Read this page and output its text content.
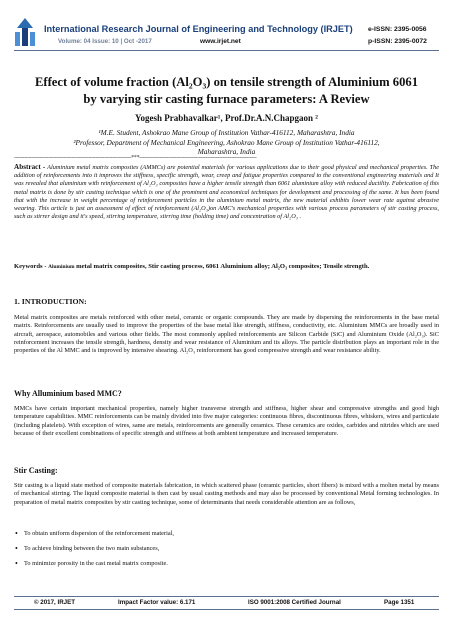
International Research Journal of Engineering and Technology (IRJET)
Volume: 04 Issue: 10 | Oct -2017	www.irjet.net
e-ISSN: 2395-0056
p-ISSN: 2395-0072
Effect of volume fraction (Al₂O₃) on tensile strength of Aluminium 6061
by varying stir casting furnace parameters: A Review
Yogesh Prabhavalkar¹, Prof.Dr.A.N.Chapgaon ²
¹M.E. Student, Ashokrao Mane Group of Institution Vathar-416112, Maharashtra, India
²Professor, Department of Mechanical Engineering, Ashokrao Mane Group of Institution Vathar-416112,
Maharashtra, India
---------------------------------------------------------------------***---------------------------------------------------------------------
Abstract - Aluminium metal matrix composites (AMMCs) are potential materials for various applications due to their good physical and mechanical properties. The addition of reinforcements into it improves the stiffness, specific strength, wear, creep and fatigue properties compared to the conventional engineering materials and It was revealed that aluminium with reinforcement of Al₂O₃ composites have a higher tensile strength than 6061 aluminium alloy with reduced ductility. Fabrication of this metal matrix is done by stir casting technique which is one of the prominent and economical techniques for development and processing of the same. It has been found that with the increase in weight percentage of reinforcement particles in the aluminium metal matrix, the new material exhibits lower wear rate against abrasive wearing. This article is just an assessment of effect of reinforcement (Al₂O₃)on AMC's mechanical properties with various process parameters of stir casting process, such as stirrer design and it's speed, stirring temperature, stirring time (holding time) and concentration of Al₂O₃ .
Keywords - Aluminium metal matrix composites, Stir casting process, 6061 Aluminium alloy; Al₂O₃ composites; Tensile strength.
1. INTRODUCTION:
Metal matrix composites are metals reinforced with other metal, ceramic or organic compounds. They are made by dispersing the reinforcements in the base metal matrix. Reinforcements are usually used to improve the properties of the base metal like strength, stiffness, conductivity, etc. Aluminium MMCs are broadly used in aircraft, aerospace, automobiles and various other fields. The most commonly applied reinforcements are Silicon Carbide (SiC) and Aluminium Oxide (Al₂O₃). SiC reinforcement increases the tensile strength, hardness, density and wear resistance of Aluminium and its alloys. The particle distribution plays an important role in the properties of the Al MMC and is improved by intensive shearing. Al₂O₃ reinforcement has good compressive strength and wear resistance ability.
Why Alluminium based MMC?
MMCs have certain important mechanical properties, namely higher transverse strength and stiffness, higher shear and compressive strengths and good high temperature capabilities. MMC reinforcements can be mainly divided into five major categories: continuous fibres, discontinuous fibres, whiskers, wires and particulate (including platelets). With exception of wires, same are metals, reinforcements are generally ceramics. These ceramics are oxides, carbides and nitrides which are used because of their excellent combinations of specific strength and stiffness at both ambient temperature and increased temperature.
Stir Casting:
Stir casting is a liquid state method of composite materials fabrication, in which scattered phase (ceramic particles, short fibers) is mixed with a molten metal by means of mechanical stirring. The liquid composite material is then cast by usual casting methods and may also be processed by conventional Metal forming technologies. In preparation of metal matrix composites by stir casting technique, some of determinants that needs considerable attention are as follows,
• To obtain uniform dispersion of the reinforcement material,
• To achieve binding between the two main substances,
• To minimize porosity in the cast metal matrix composite.
© 2017, IRJET	Impact Factor value: 6.171	ISO 9001:2008 Certified Journal	Page 1351
